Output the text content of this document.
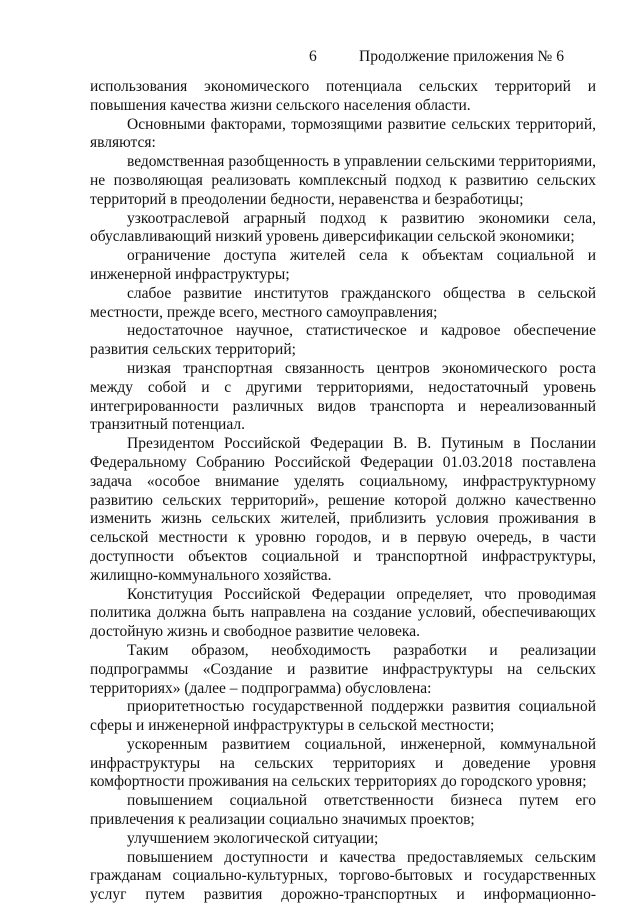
6	Продолжение приложения № 6

использования экономического потенциала сельских территорий и повышения качества жизни сельского населения области.

Основными факторами, тормозящими развитие сельских территорий, являются:

ведомственная разобщенность в управлении сельскими территориями, не позволяющая реализовать комплексный подход к развитию сельских территорий в преодолении бедности, неравенства и безработицы;

узкоотраслевой аграрный подход к развитию экономики села, обуславливающий низкий уровень диверсификации сельской экономики;

ограничение доступа жителей села к объектам социальной и инженерной инфраструктуры;

слабое развитие институтов гражданского общества в сельской местности, прежде всего, местного самоуправления;

недостаточное научное, статистическое и кадровое обеспечение развития сельских территорий;

низкая транспортная связанность центров экономического роста между собой и с другими территориями, недостаточный уровень интегрированности различных видов транспорта и нереализованный транзитный потенциал.

Президентом Российской Федерации В. В. Путиным в Послании Федеральному Собранию Российской Федерации 01.03.2018 поставлена задача «особое внимание уделять социальному, инфраструктурному развитию сельских территорий», решение которой должно качественно изменить жизнь сельских жителей, приблизить условия проживания в сельской местности к уровню городов, и в первую очередь, в части доступности объектов социальной и транспортной инфраструктуры, жилищно-коммунального хозяйства.

Конституция Российской Федерации определяет, что проводимая политика должна быть направлена на создание условий, обеспечивающих достойную жизнь и свободное развитие человека.

Таким образом, необходимость разработки и реализации подпрограммы «Создание и развитие инфраструктуры на сельских территориях» (далее – подпрограмма) обусловлена:

приоритетностью государственной поддержки развития социальной сферы и инженерной инфраструктуры в сельской местности;

ускоренным развитием социальной, инженерной, коммунальной инфраструктуры на сельских территориях и доведение уровня комфортности проживания на сельских территориях до городского уровня;

повышением социальной ответственности бизнеса путем его привлечения к реализации социально значимых проектов;

улучшением экологической ситуации;

повышением доступности и качества предоставляемых сельским гражданам социально-культурных, торгово-бытовых и государственных услуг путем развития дорожно-транспортных и информационно-
